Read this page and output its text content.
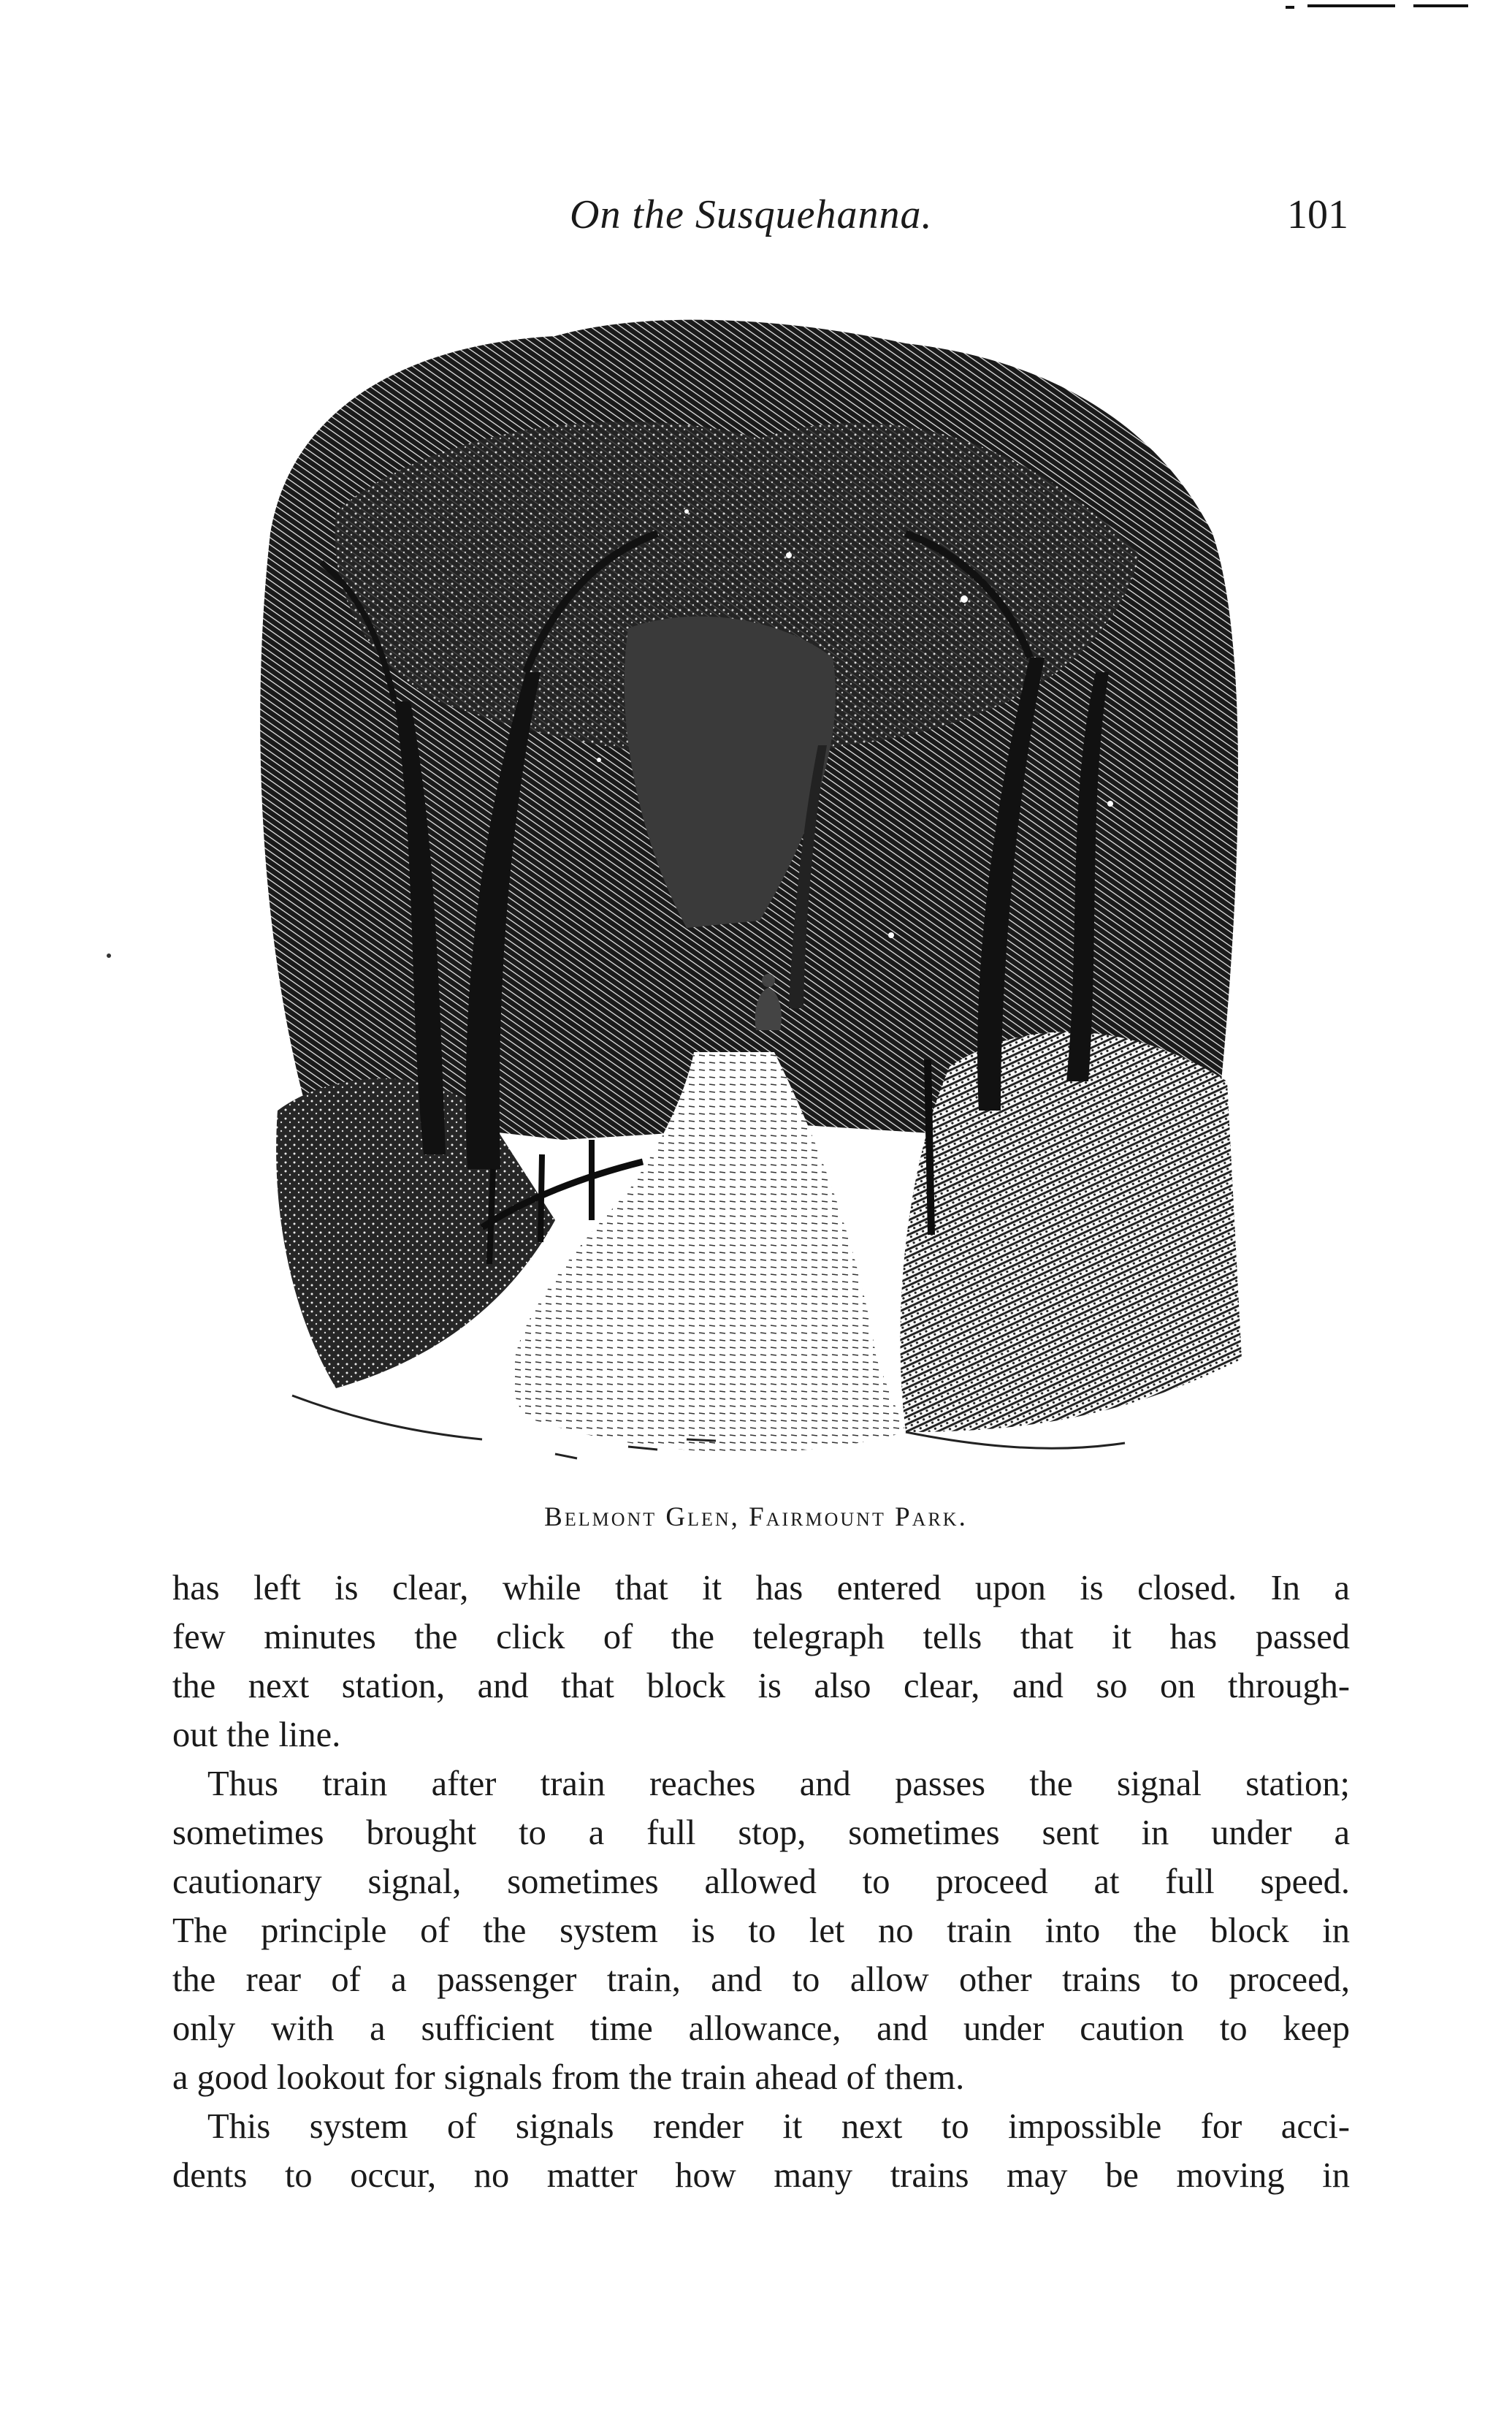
On the Susquehanna.	101
Belmont Glen, Fairmount Park.

has left is clear, while that it has entered upon is closed. In a

few minutes the click of the telegraph tells that it has passed

the next station, and that block is also clear, and so on through-

out the line.

Thus train after train reaches and passes the signal station;

sometimes brought to a full stop, sometimes sent in under a

cautionary signal, sometimes allowed to proceed at full speed.

The principle of the system is to let no train into the block in

the rear of a passenger train, and to allow other trains to proceed,

only with a sufficient time allowance, and under caution to keep

a good lookout for signals from the train ahead of them.

This system of signals render it next to impossible for acci-

dents to occur, no matter how many trains may be moving in
